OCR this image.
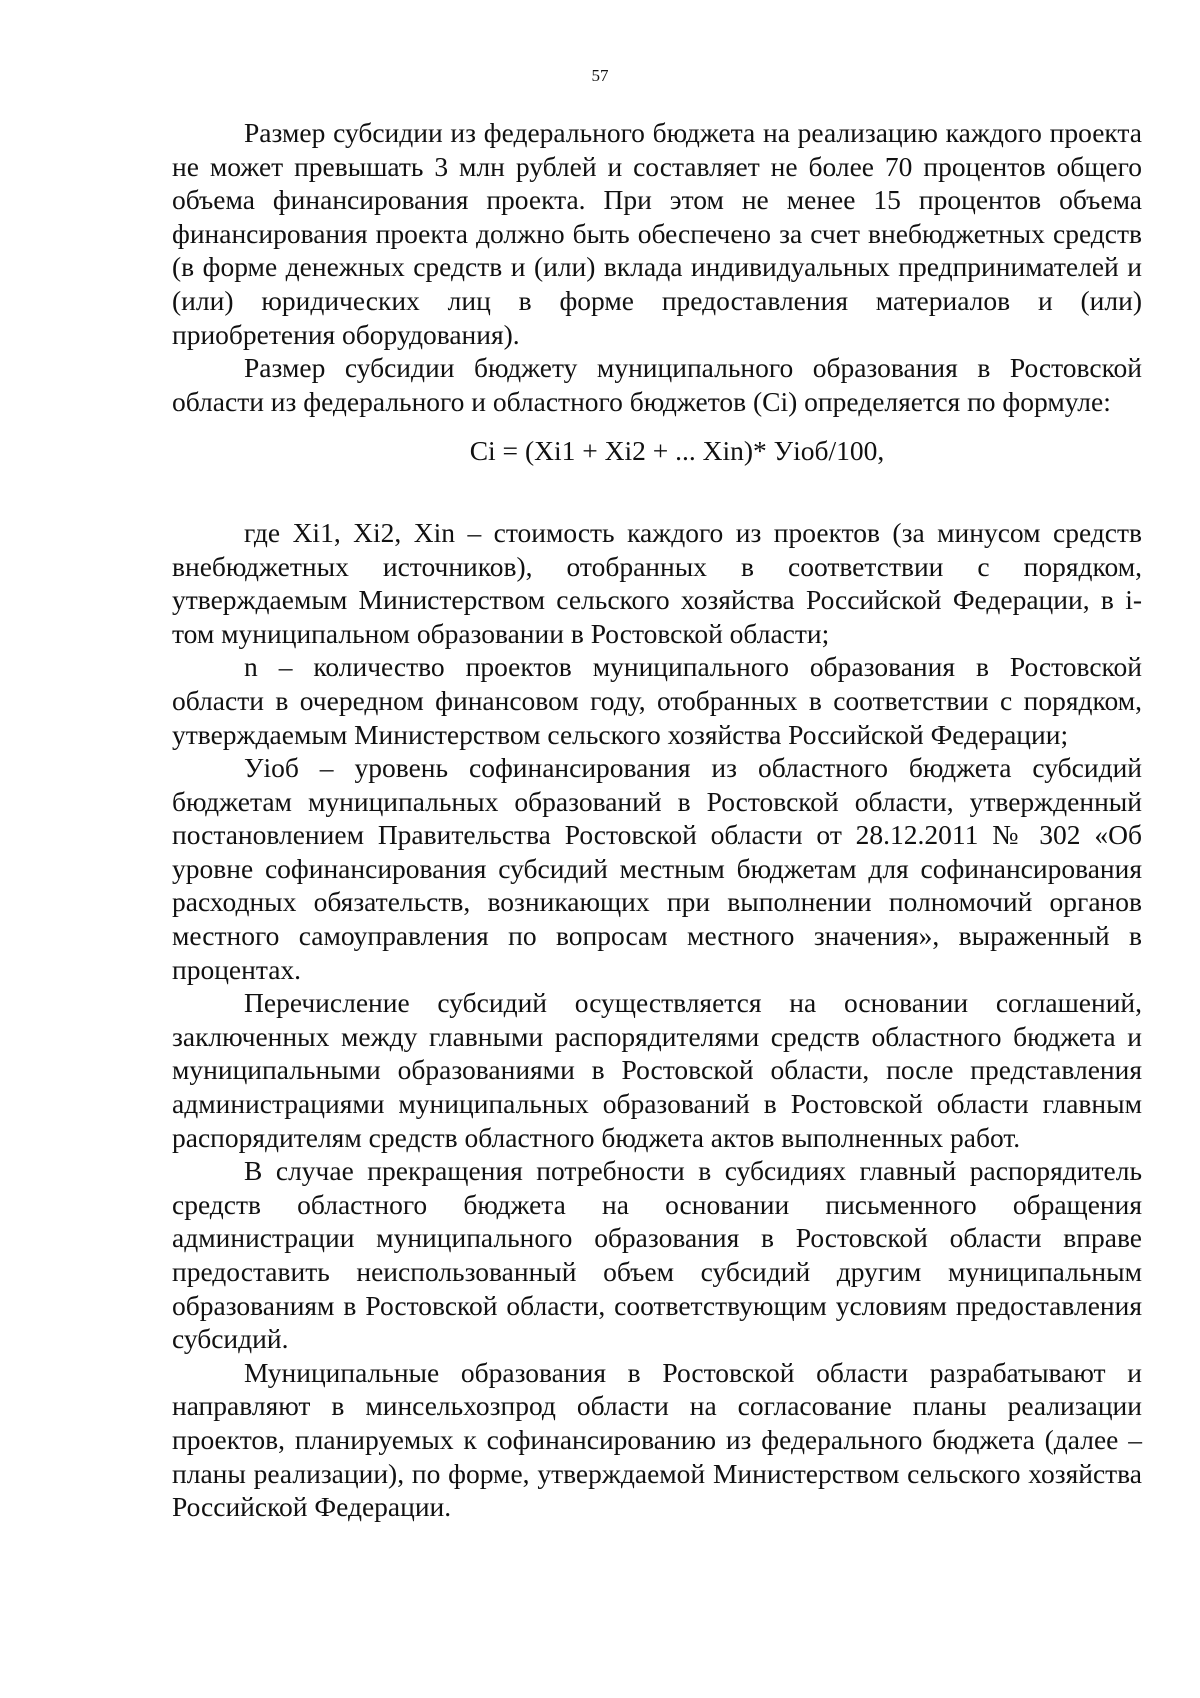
57

Размер субсидии из федерального бюджета на реализацию каждого проекта не может превышать 3 млн рублей и составляет не более 70 процентов общего объема финансирования проекта. При этом не менее 15 процентов объема финансирования проекта должно быть обеспечено за счет внебюджетных средств (в форме денежных средств и (или) вклада индивидуальных предпринимателей и (или) юридических лиц в форме предоставления материалов и (или) приобретения оборудования).

Размер субсидии бюджету муниципального образования в Ростовской области из федерального и областного бюджетов (Ci) определяется по формуле:

Ci = (Xi1 + Xi2 + ... Xin)* Уioб/100,

где Xi1, Xi2, Xin – стоимость каждого из проектов (за минусом средств внебюджетных источников), отобранных в соответствии с порядком, утверждаемым Министерством сельского хозяйства Российской Федерации, в i-том муниципальном образовании в Ростовской области;

n – количество проектов муниципального образования в Ростовской области в очередном финансовом году, отобранных в соответствии с порядком, утверждаемым Министерством сельского хозяйства Российской Федерации;

Уioб – уровень софинансирования из областного бюджета субсидий бюджетам муниципальных образований в Ростовской области, утвержденный постановлением Правительства Ростовской области от 28.12.2011 № 302 «Об уровне софинансирования субсидий местным бюджетам для софинансирования расходных обязательств, возникающих при выполнении полномочий органов местного самоуправления по вопросам местного значения», выраженный в процентах.

Перечисление субсидий осуществляется на основании соглашений, заключенных между главными распорядителями средств областного бюджета и муниципальными образованиями в Ростовской области, после представления администрациями муниципальных образований в Ростовской области главным распорядителям средств областного бюджета актов выполненных работ.

В случае прекращения потребности в субсидиях главный распорядитель средств областного бюджета на основании письменного обращения администрации муниципального образования в Ростовской области вправе предоставить неиспользованный объем субсидий другим муниципальным образованиям в Ростовской области, соответствующим условиям предоставления субсидий.

Муниципальные образования в Ростовской области разрабатывают и направляют в минсельхозпрод области на согласование планы реализации проектов, планируемых к софинансированию из федерального бюджета (далее – планы реализации), по форме, утверждаемой Министерством сельского хозяйства Российской Федерации.
